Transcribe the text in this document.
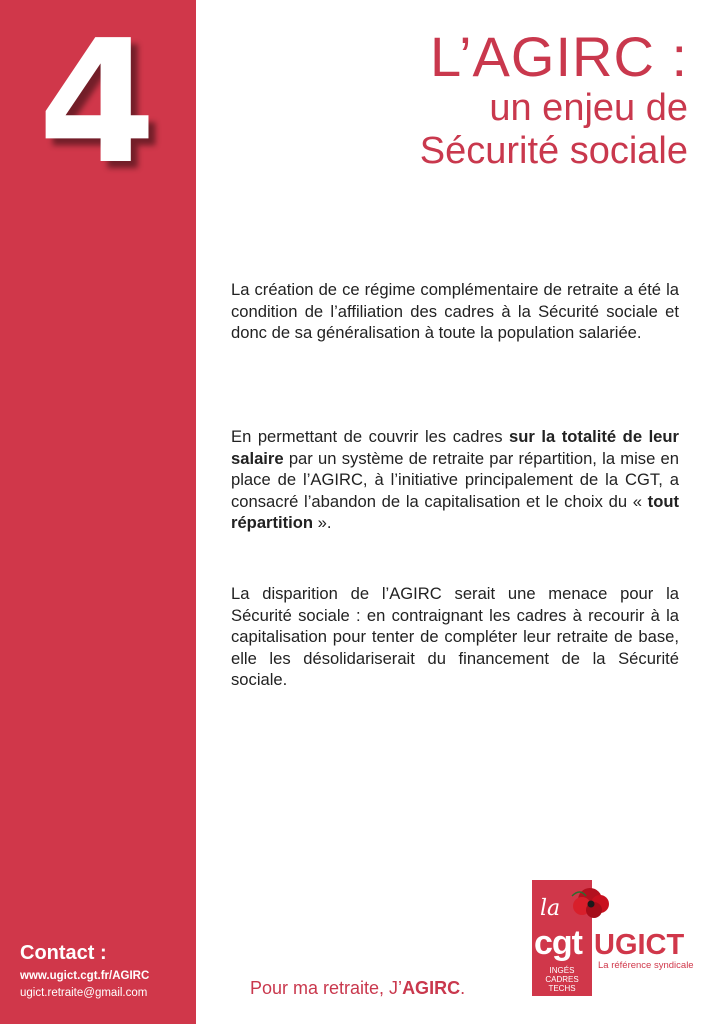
4
Contact :
www.ugict.cgt.fr/AGIRC
ugict.retraite@gmail.com
L’AGIRC :
un enjeu de
Sécurité sociale
La création de ce régime complémentaire de retraite a été la condition de l’affiliation des cadres à la Sécurité sociale et donc de sa généralisation à toute la population salariée.
En permettant de couvrir les cadres sur la totalité de leur salaire par un système de retraite par répartition, la mise en place de l’AGIRC, à l’initiative principalement de la CGT, a consacré l’abandon de la capitalisation et le choix du « tout répartition ».
La disparition de l’AGIRC serait une menace pour la Sécurité sociale : en contraignant les cadres à recourir à la capitalisation pour tenter de compléter leur retraite de base, elle les désolidariserait du financement de la Sécurité sociale.
Pour ma retraite, J’AGIRC.
la
cgt
INGÉS
CADRES
TECHS
UGICT
La référence syndicale
